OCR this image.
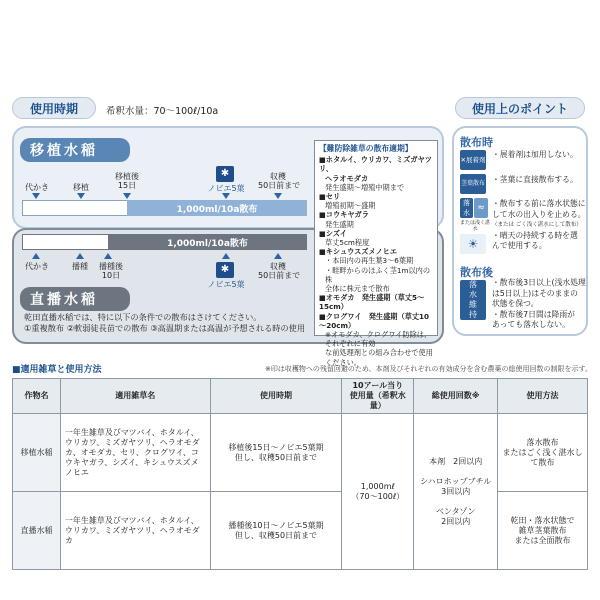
使用時期	希釈水量：70～100ℓ/10a	使用上のポイント
移植水稲
代かき	移植
移植後
15日
✱
ノビエ5葉
収穫
50日前まで
1,000ml/10a散布
1,000ml/10a散布
代かき	播種	播種後
10日
✱
ノビエ5葉
収穫
50日前まで
直播水稲
乾田直播水稲では、特に以下の条件での散布はさけてください。
①重複散布 ②軟弱徒長苗での散布 ③高温期または高温が予想される時の使用
【難防除雑草の散布適期】
■ホタルイ、ウリカワ、ミズガヤツリ、
ヘラオモダカ
発生盛期～増殖中期まで
■セリ
増殖初期～盛期
■コウキヤガラ
発生盛期
■シズイ
草丈5cm程度
■キシュウスズメノヒエ
・本田内の再生葉3～6葉期
・畦畔からのほふく茎1m以内の株
全体に株元まで散布
■オモダカ　発生盛期（草丈5～15cm）
■クログワイ　発生盛期（草丈10～20cm）
※オモダカ、クログワイ防除は、それぞれに有効
な前処理剤との組み合わせで使用ください。
散布時
✕展着剤
茎葉散布
落
水 ≈
または浅く湛水
☀
・展着剤は加用しない。
・茎葉に直接散布する。
・散布する前に落水状態に
して水の出入りを止める。
（または ごく浅く湛水にして散布）
・晴天の持続する時を選
んで使用する。
散布後
落
水
維
持
・散布後3日以上(浅水処理
は5日以上)はそのままの
状態を保つ。
・散布後7日間は降雨が
あっても落水しない。
■適用雑草と使用方法	※印は収穫物への残留回避のため、本剤及びそれぞれの有効成分を含む農薬の総使用回数の制限を示す。
作物名	適用雑草名	使用時期	10アール当り
使用量（希釈水量）	総使用回数※	使用方法
移植水稲	一年生雑草及びマツバイ、ホタルイ、ウリカワ、ミズガヤツリ、ヘラオモダカ、オモダカ、セリ、クログワイ、コウキヤガラ、シズイ、キシュウスズメノヒエ	移植後15日～ノビエ5葉期
但し、収穫50日前まで	1,000mℓ
（70～100ℓ）	本剤　2回以内

シハロホップブチル
3回以内

ベンタゾン
2回以内	落水散布
またはごく浅く湛水して散布
直播水稲	一年生雑草及びマツバイ、ホタルイ、ウリカワ、ミズガヤツリ、ヘラオモダカ	播種後10日～ノビエ5葉期
但し、収穫50日前まで			乾田・落水状態で
雑草茎葉散布
または全面散布
